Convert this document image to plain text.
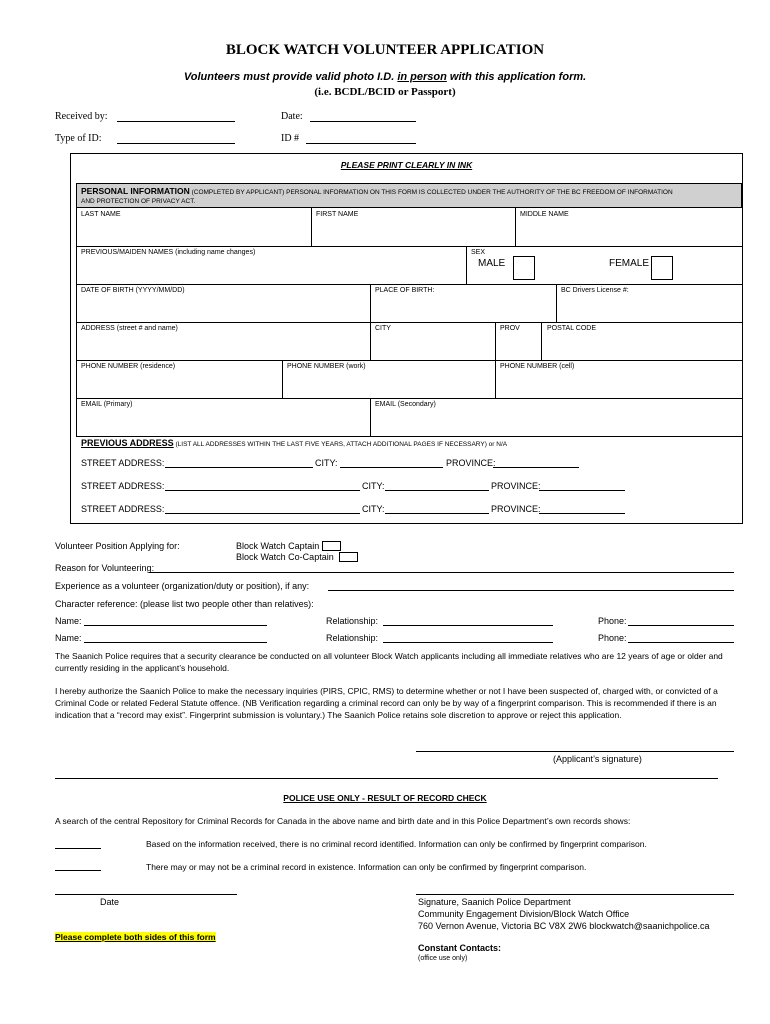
BLOCK WATCH VOLUNTEER APPLICATION
Volunteers must provide valid photo I.D. in person with this application form.
(i.e. BCDL/BCID or Passport)
Received by:	Date:
Type of ID:	ID #
PLEASE PRINT CLEARLY IN INK
PERSONAL INFORMATION (COMPLETED BY APPLICANT) PERSONAL INFORMATION ON THIS FORM IS COLLECTED UNDER THE AUTHORITY OF THE BC FREEDOM OF INFORMATION
AND PROTECTION OF PRIVACY ACT.
LAST NAME	FIRST NAME	MIDDLE NAME
PREVIOUS/MAIDEN NAMES (including name changes)	SEX
MALE	FEMALE
DATE OF BIRTH (YYYY/MM/DD)	PLACE OF BIRTH:	BC Drivers License #:
ADDRESS (street # and name)	CITY	PROV	POSTAL CODE
PHONE NUMBER (residence)	PHONE NUMBER (work)	PHONE NUMBER (cell)
EMAIL (Primary)	EMAIL (Secondary)
PREVIOUS ADDRESS (LIST ALL ADDRESSES WITHIN THE LAST FIVE YEARS, ATTACH ADDITIONAL PAGES IF NECESSARY) or N/A
STREET ADDRESS:	CITY:	PROVINCE:
STREET ADDRESS:	CITY:	PROVINCE:
STREET ADDRESS:	CITY:	PROVINCE:
Volunteer Position Applying for:	Block Watch Captain
Block Watch Co-Captain
Reason for Volunteering:
Experience as a volunteer (organization/duty or position), if any:
Character reference: (please list two people other than relatives):
Name:	Relationship:	Phone:
Name:	Relationship:	Phone:
The Saanich Police requires that a security clearance be conducted on all volunteer Block Watch applicants including all immediate relatives who are 12 years of age or older and currently residing in the applicant’s household.
I hereby authorize the Saanich Police to make the necessary inquiries (PIRS, CPIC, RMS) to determine whether or not I have been suspected of, charged with, or convicted of a Criminal Code or related Federal Statute offence. (NB Verification regarding a criminal record can only be by way of a fingerprint comparison. This is recommended if there is an indication that a “record may exist”. Fingerprint submission is voluntary.) The Saanich Police retains sole discretion to approve or reject this application.
(Applicant’s signature)
POLICE USE ONLY - RESULT OF RECORD CHECK
A search of the central Repository for Criminal Records for Canada in the above name and birth date and in this Police Department’s own records shows:
Based on the information received, there is no criminal record identified. Information can only be confirmed by fingerprint comparison.
There may or may not be a criminal record in existence. Information can only be confirmed by fingerprint comparison.
Date	Signature, Saanich Police Department
Community Engagement Division/Block Watch Office
760 Vernon Avenue, Victoria BC V8X 2W6 blockwatch@saanichpolice.ca
Please complete both sides of this form
Constant Contacts:
(office use only)
